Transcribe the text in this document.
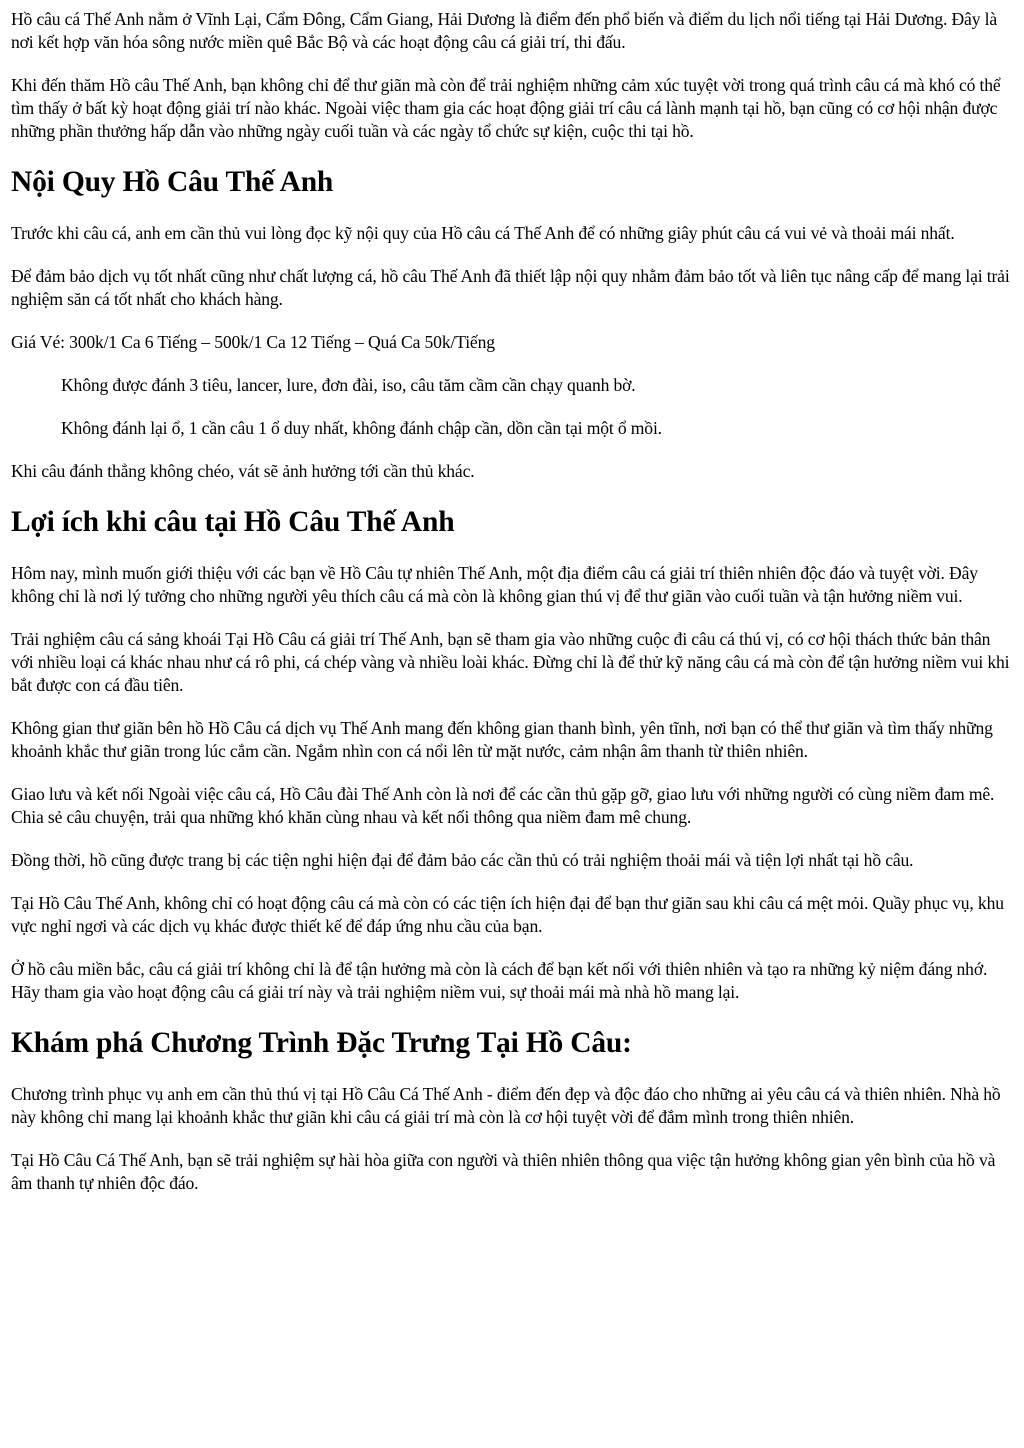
Hồ câu cá Thế Anh nằm ở Vĩnh Lại, Cẩm Đông, Cẩm Giang, Hải Dương là điểm đến phổ biến và điểm du lịch nổi tiếng tại Hải Dương. Đây là nơi kết hợp văn hóa sông nước miền quê Bắc Bộ và các hoạt động câu cá giải trí, thi đấu.

Khi đến thăm Hồ câu Thế Anh, bạn không chỉ để thư giãn mà còn để trải nghiệm những cảm xúc tuyệt vời trong quá trình câu cá mà khó có thể tìm thấy ở bất kỳ hoạt động giải trí nào khác. Ngoài việc tham gia các hoạt động giải trí câu cá lành mạnh tại hồ, bạn cũng có cơ hội nhận được những phần thưởng hấp dẫn vào những ngày cuối tuần và các ngày tổ chức sự kiện, cuộc thi tại hồ.

Nội Quy Hồ Câu Thế Anh

Trước khi câu cá, anh em cần thủ vui lòng đọc kỹ nội quy của Hồ câu cá Thế Anh để có những giây phút câu cá vui vẻ và thoải mái nhất.

Để đảm bảo dịch vụ tốt nhất cũng như chất lượng cá, hồ câu Thế Anh đã thiết lập nội quy nhằm đảm bảo tốt và liên tục nâng cấp để mang lại trải nghiệm săn cá tốt nhất cho khách hàng.

Giá Vé: 300k/1 Ca 6 Tiếng – 500k/1 Ca 12 Tiếng – Quá Ca 50k/Tiếng

Không được đánh 3 tiêu, lancer, lure, đơn đài, iso, câu tăm cầm cần chạy quanh bờ.

Không đánh lại ổ, 1 cần câu 1 ổ duy nhất, không đánh chập cần, dồn cần tại một ổ mồi.

Khi câu đánh thẳng không chéo, vát sẽ ảnh hưởng tới cần thủ khác.

Lợi ích khi câu tại Hồ Câu Thế Anh

Hôm nay, mình muốn giới thiệu với các bạn về Hồ Câu tự nhiên Thế Anh, một địa điểm câu cá giải trí thiên nhiên độc đáo và tuyệt vời. Đây không chỉ là nơi lý tưởng cho những người yêu thích câu cá mà còn là không gian thú vị để thư giãn vào cuối tuần và tận hưởng niềm vui.

Trải nghiệm câu cá sảng khoái Tại Hồ Câu cá giải trí Thế Anh, bạn sẽ tham gia vào những cuộc đi câu cá thú vị, có cơ hội thách thức bản thân với nhiều loại cá khác nhau như cá rô phi, cá chép vàng và nhiều loài khác. Đừng chỉ là để thử kỹ năng câu cá mà còn để tận hưởng niềm vui khi bắt được con cá đầu tiên.

Không gian thư giãn bên hồ Hồ Câu cá dịch vụ Thế Anh mang đến không gian thanh bình, yên tĩnh, nơi bạn có thể thư giãn và tìm thấy những khoảnh khắc thư giãn trong lúc cắm cần. Ngắm nhìn con cá nổi lên từ mặt nước, cảm nhận âm thanh từ thiên nhiên.

Giao lưu và kết nối Ngoài việc câu cá, Hồ Câu đài Thế Anh còn là nơi để các cần thủ gặp gỡ, giao lưu với những người có cùng niềm đam mê. Chia sẻ câu chuyện, trải qua những khó khăn cùng nhau và kết nối thông qua niềm đam mê chung.

Đồng thời, hồ cũng được trang bị các tiện nghi hiện đại để đảm bảo các cần thủ có trải nghiệm thoải mái và tiện lợi nhất tại hồ câu.

Tại Hồ Câu Thế Anh, không chỉ có hoạt động câu cá mà còn có các tiện ích hiện đại để bạn thư giãn sau khi câu cá mệt mỏi. Quầy phục vụ, khu vực nghỉ ngơi và các dịch vụ khác được thiết kế để đáp ứng nhu cầu của bạn.

Ở hồ câu miền bắc, câu cá giải trí không chỉ là để tận hưởng mà còn là cách để bạn kết nối với thiên nhiên và tạo ra những kỷ niệm đáng nhớ. Hãy tham gia vào hoạt động câu cá giải trí này và trải nghiệm niềm vui, sự thoải mái mà nhà hồ mang lại.

Khám phá Chương Trình Đặc Trưng Tại Hồ Câu:

Chương trình phục vụ anh em cần thủ thú vị tại Hồ Câu Cá Thế Anh - điểm đến đẹp và độc đáo cho những ai yêu câu cá và thiên nhiên. Nhà hồ này không chỉ mang lại khoảnh khắc thư giãn khi câu cá giải trí mà còn là cơ hội tuyệt vời để đắm mình trong thiên nhiên.

Tại Hồ Câu Cá Thế Anh, bạn sẽ trải nghiệm sự hài hòa giữa con người và thiên nhiên thông qua việc tận hưởng không gian yên bình của hồ và âm thanh tự nhiên độc đáo.
